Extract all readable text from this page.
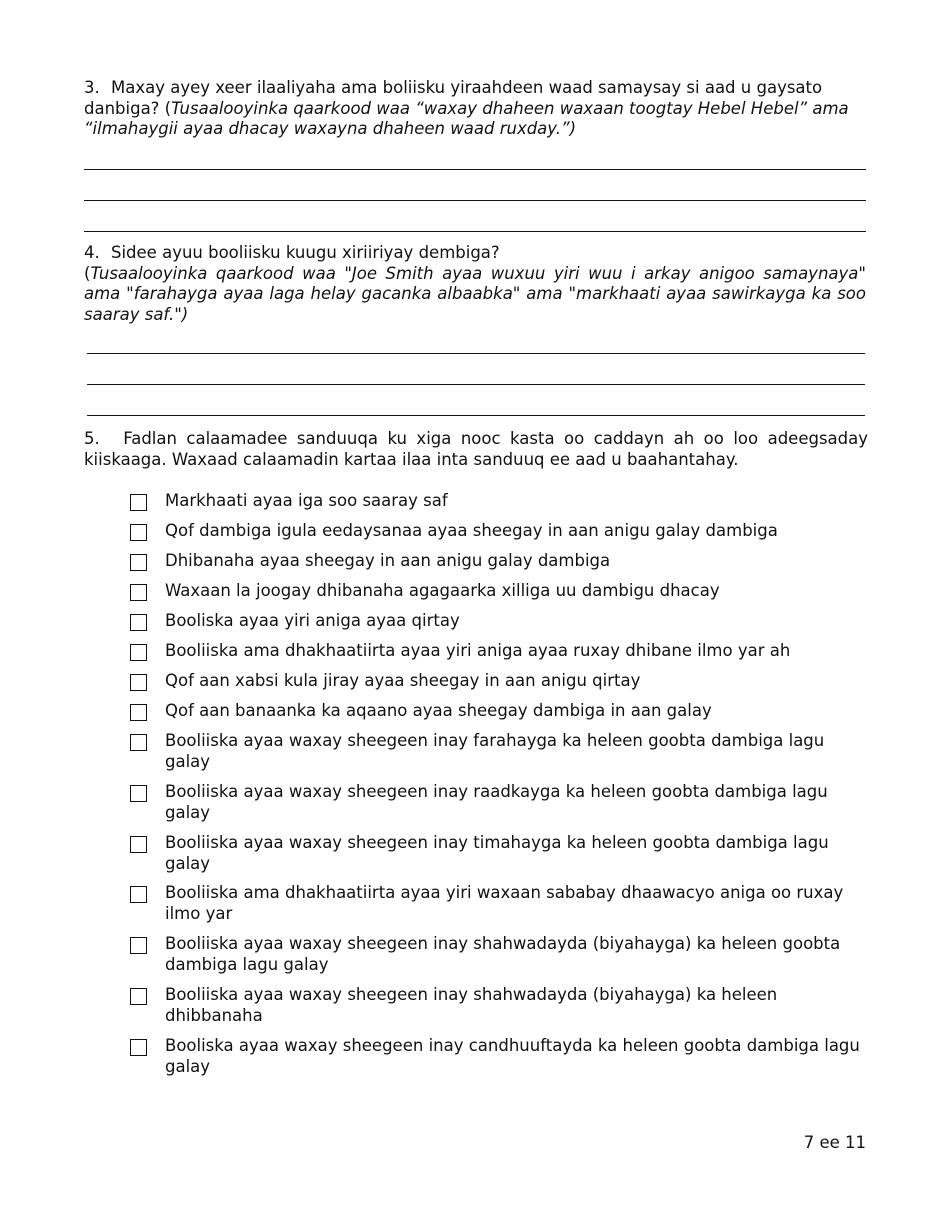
3. Maxay ayey xeer ilaaliyaha ama boliisku yiraahdeen waad samaysay si aad u gaysato danbiga? (Tusaalooyinka qaarkood waa “waxay dhaheen waxaan toogtay Hebel Hebel” ama “ilmahaygii ayaa dhacay waxayna dhaheen waad ruxday.”)
4. Sidee ayuu booliisku kuugu xiriiriyay dembiga?
(Tusaalooyinka qaarkood waa "Joe Smith ayaa wuxuu yiri wuu i arkay anigoo samaynaya" ama "farahayga ayaa laga helay gacanka albaabka" ama "markhaati ayaa sawirkayga ka soo saaray saf.")
5. Fadlan calaamadee sanduuqa ku xiga nooc kasta oo caddayn ah oo loo adeegsaday kiiskaaga. Waxaad calaamadin kartaa ilaa inta sanduuq ee aad u baahantahay.
Markhaati ayaa iga soo saaray saf
Qof dambiga igula eedaysanaa ayaa sheegay in aan anigu galay dambiga
Dhibanaha ayaa sheegay in aan anigu galay dambiga
Waxaan la joogay dhibanaha agagaarka xilliga uu dambigu dhacay
Booliska ayaa yiri aniga ayaa qirtay
Booliiska ama dhakhaatiirta ayaa yiri aniga ayaa ruxay dhibane ilmo yar ah
Qof aan xabsi kula jiray ayaa sheegay in aan anigu qirtay
Qof aan banaanka ka aqaano ayaa sheegay dambiga in aan galay
Booliiska ayaa waxay sheegeen inay farahayga ka heleen goobta dambiga lagu galay
Booliiska ayaa waxay sheegeen inay raadkayga ka heleen goobta dambiga lagu galay
Booliiska ayaa waxay sheegeen inay timahayga ka heleen goobta dambiga lagu galay
Booliiska ama dhakhaatiirta ayaa yiri waxaan sababay dhaawacyo aniga oo ruxay ilmo yar
Booliiska ayaa waxay sheegeen inay shahwadayda (biyahayga) ka heleen goobta dambiga lagu galay
Booliiska ayaa waxay sheegeen inay shahwadayda (biyahayga) ka heleen dhibbanaha
Booliska ayaa waxay sheegeen inay candhuuftayda ka heleen goobta dambiga lagu galay
7 ee 11
